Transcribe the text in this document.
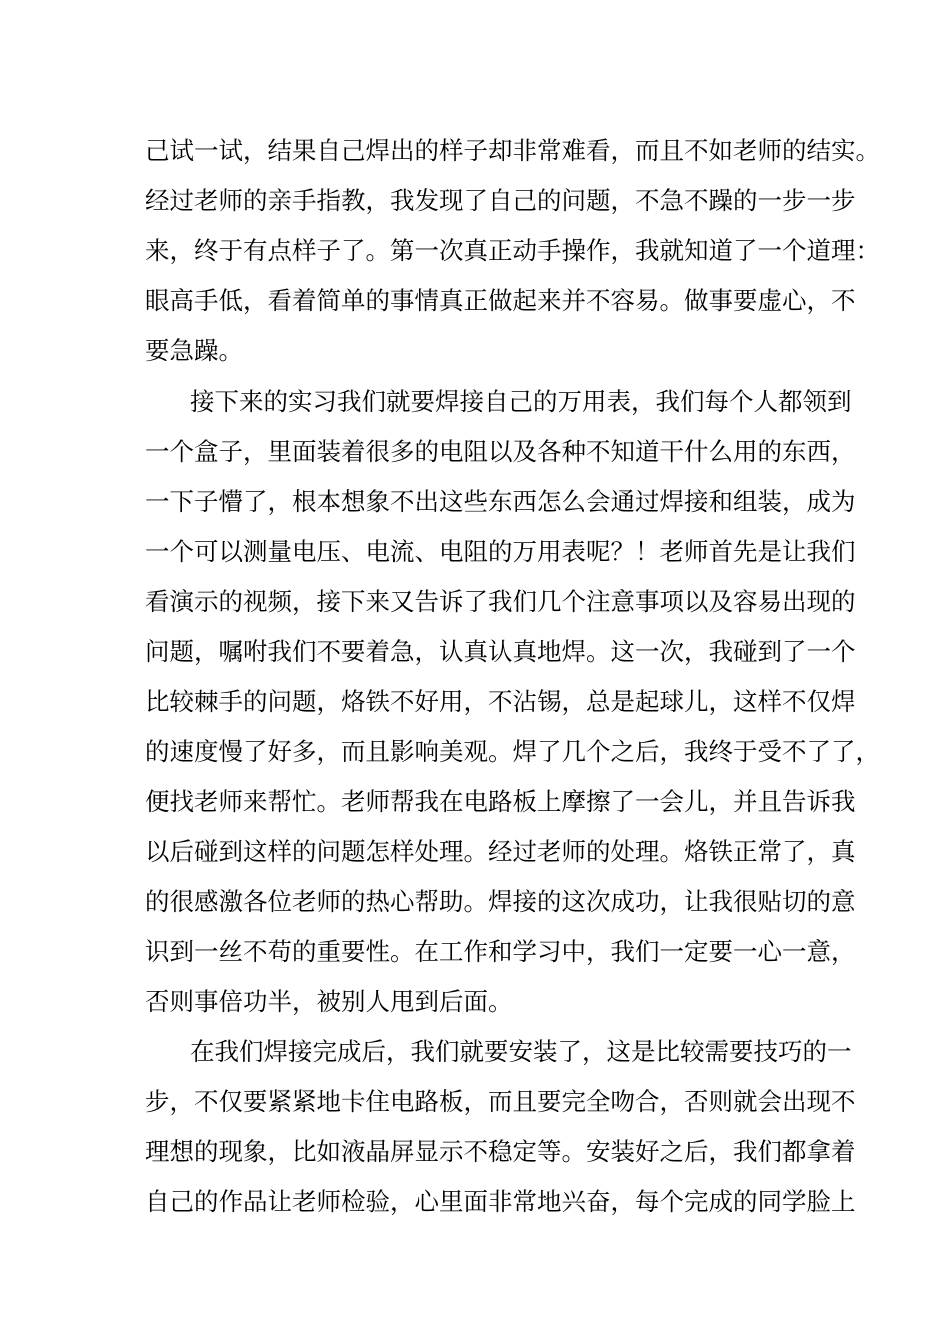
己试一试，结果自己焊出的样子却非常难看，而且不如老师的结实。
经过老师的亲手指教，我发现了自己的问题，不急不躁的一步一步
来，终于有点样子了。第一次真正动手操作，我就知道了一个道理：
眼高手低，看着简单的事情真正做起来并不容易。做事要虚心，不
要急躁。
接下来的实习我们就要焊接自己的万用表，我们每个人都领到
一个盒子，里面装着很多的电阻以及各种不知道干什么用的东西，
一下子懵了，根本想象不出这些东西怎么会通过焊接和组装，成为
一个可以测量电压、电流、电阻的万用表呢？！老师首先是让我们
看演示的视频，接下来又告诉了我们几个注意事项以及容易出现的
问题，嘱咐我们不要着急，认真认真地焊。这一次，我碰到了一个
比较棘手的问题，烙铁不好用，不沾锡，总是起球儿，这样不仅焊
的速度慢了好多，而且影响美观。焊了几个之后，我终于受不了了，
便找老师来帮忙。老师帮我在电路板上摩擦了一会儿，并且告诉我
以后碰到这样的问题怎样处理。经过老师的处理。烙铁正常了，真
的很感激各位老师的热心帮助。焊接的这次成功，让我很贴切的意
识到一丝不苟的重要性。在工作和学习中，我们一定要一心一意，
否则事倍功半，被别人甩到后面。
在我们焊接完成后，我们就要安装了，这是比较需要技巧的一
步，不仅要紧紧地卡住电路板，而且要完全吻合，否则就会出现不
理想的现象，比如液晶屏显示不稳定等。安装好之后，我们都拿着
自己的作品让老师检验，心里面非常地兴奋，每个完成的同学脸上
